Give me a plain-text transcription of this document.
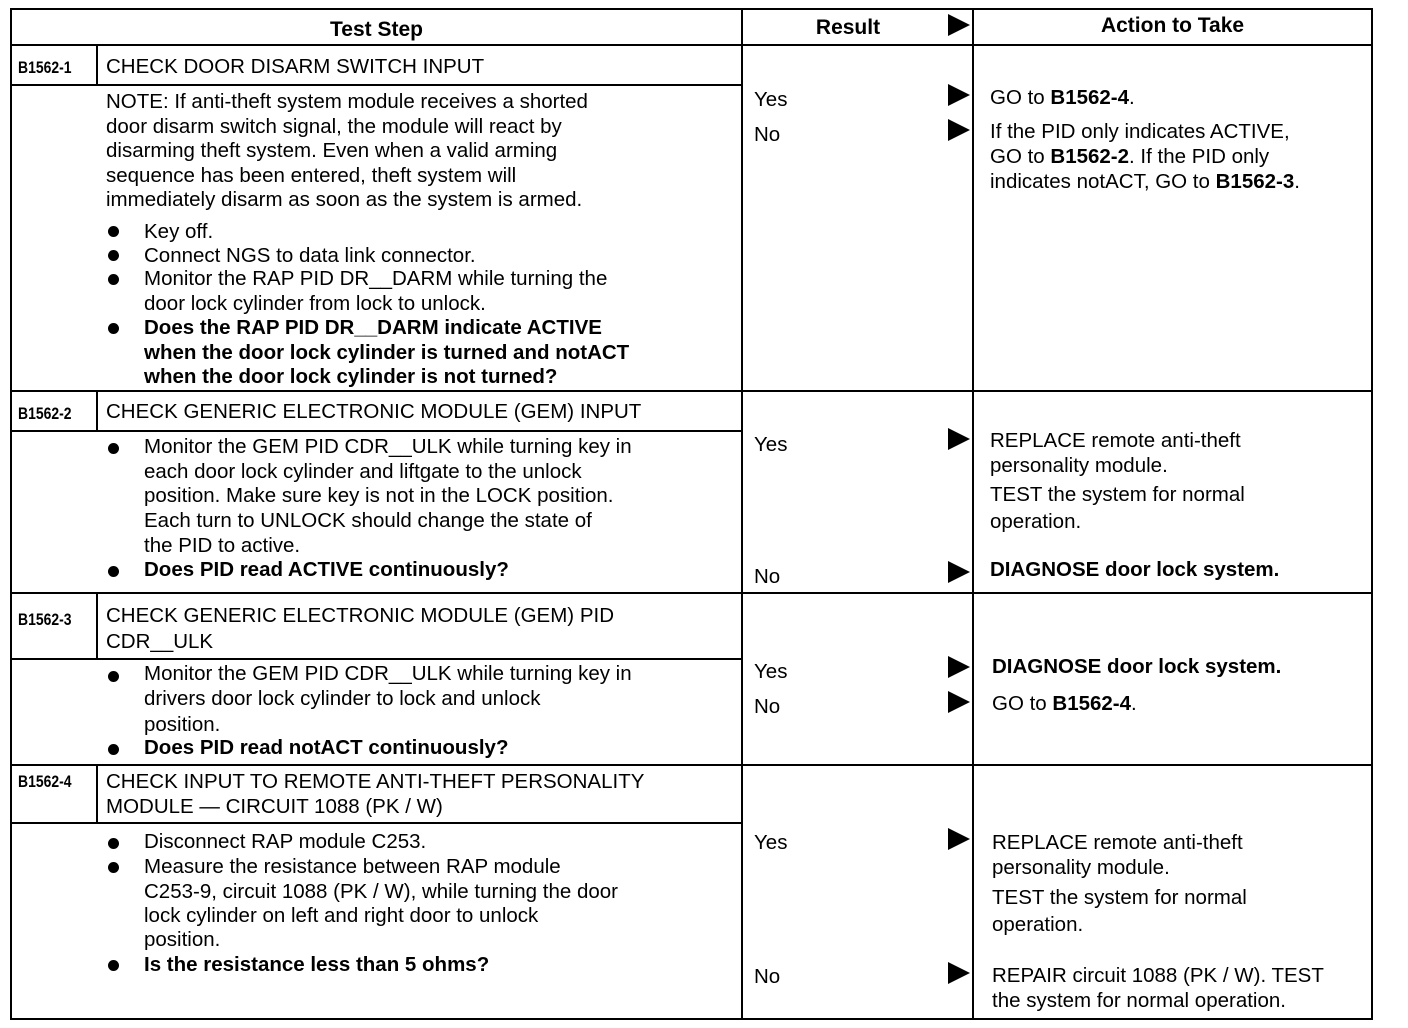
Test Step	Result	Action to Take
B1562-1 CHECK DOOR DISARM SWITCH INPUT
NOTE: If anti-theft system module receives a shorted
door disarm switch signal, the module will react by
disarming theft system. Even when a valid arming
sequence has been entered, theft system will
immediately disarm as soon as the system is armed.
Key off.
Connect NGS to data link connector.
Monitor the RAP PID DR__DARM while turning the
door lock cylinder from lock to unlock.
Does the RAP PID DR__DARM indicate ACTIVE
when the door lock cylinder is turned and notACT
when the door lock cylinder is not turned?
Yes	GO to B1562-4.
No	If the PID only indicates ACTIVE,
GO to B1562-2. If the PID only
indicates notACT, GO to B1562-3.
B1562-2 CHECK GENERIC ELECTRONIC MODULE (GEM) INPUT
Monitor the GEM PID CDR__ULK while turning key in
each door lock cylinder and liftgate to the unlock
position. Make sure key is not in the LOCK position.
Each turn to UNLOCK should change the state of
the PID to active.
Does PID read ACTIVE continuously?
Yes	REPLACE remote anti-theft
personality module.
TEST the system for normal
operation.
No	DIAGNOSE door lock system.
B1562-3 CHECK GENERIC ELECTRONIC MODULE (GEM) PID
CDR__ULK
Monitor the GEM PID CDR__ULK while turning key in
drivers door lock cylinder to lock and unlock
position.
Does PID read notACT continuously?
Yes	DIAGNOSE door lock system.
No	GO to B1562-4.
B1562-4 CHECK INPUT TO REMOTE ANTI-THEFT PERSONALITY
MODULE — CIRCUIT 1088 (PK / W)
Disconnect RAP module C253.
Measure the resistance between RAP module
C253-9, circuit 1088 (PK / W), while turning the door
lock cylinder on left and right door to unlock
position.
Is the resistance less than 5 ohms?
Yes	REPLACE remote anti-theft
personality module.
TEST the system for normal
operation.
No	REPAIR circuit 1088 (PK / W). TEST
the system for normal operation.
